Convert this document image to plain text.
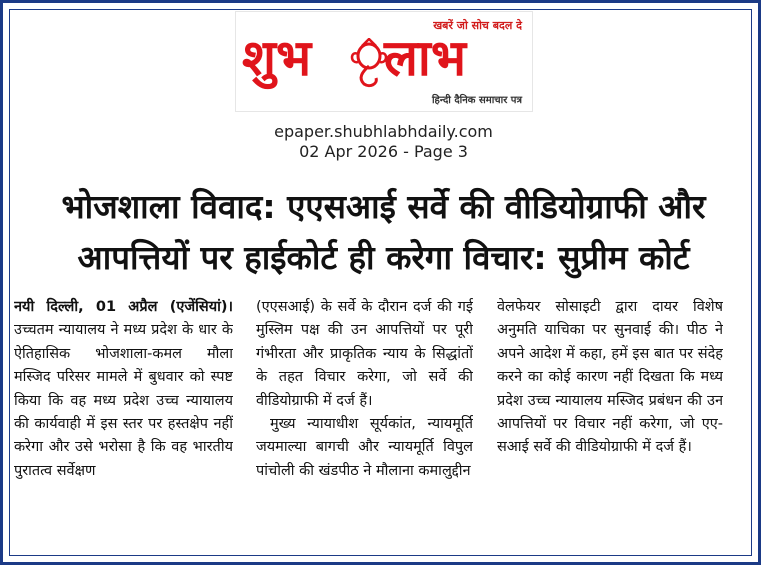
खबरें जो सोच बदल दे
शुभ लाभ
हिन्दी दैनिक समाचार पत्र
epaper.shubhlabhdaily.com
02 Apr 2026 - Page 3
भोजशाला विवाद: एएसआई सर्वे की वीडियोग्राफी और
आपत्तियों पर हाईकोर्ट ही करेगा विचार: सुप्रीम कोर्ट

नयी दिल्ली, 01 अप्रैल (एजेंसियां)। उच्चतम न्यायालय ने मध्य प्रदेश के धार के ऐतिहासिक भोजशाला-कमल मौला मस्जिद परिसर मामले में बुधवार को स्पष्ट किया कि वह मध्य प्रदेश उच्च न्यायालय की कार्यवाही में इस स्तर पर हस्तक्षेप नहीं करेगा और उसे भरोसा है कि वह भारतीय पुरातत्व सर्वेक्षण

(एएसआई) के सर्वे के दौरान दर्ज की गई मुस्लिम पक्ष की उन आपत्तियों पर पूरी गंभीरता और प्राकृतिक न्याय के सिद्धांतों के तहत विचार करेगा, जो सर्वे की वीडियोग्राफी में दर्ज हैं।

मुख्य न्यायाधीश सूर्यकांत, न्यायमूर्ति जयमाल्या बागची और न्यायमूर्ति विपुल पांचोली की खंडपीठ ने मौलाना कमालुद्दीन

वेलफेयर सोसाइटी द्वारा दायर विशेष अनुमति याचिका पर सुनवाई की। पीठ ने अपने आदेश में कहा, हमें इस बात पर संदेह करने का कोई कारण नहीं दिखता कि मध्य प्रदेश उच्च न्यायालय मस्जिद प्रबंधन की उन आपत्तियों पर विचार नहीं करेगा, जो एए-सआई सर्वे की वीडियोग्राफी में दर्ज हैं।
